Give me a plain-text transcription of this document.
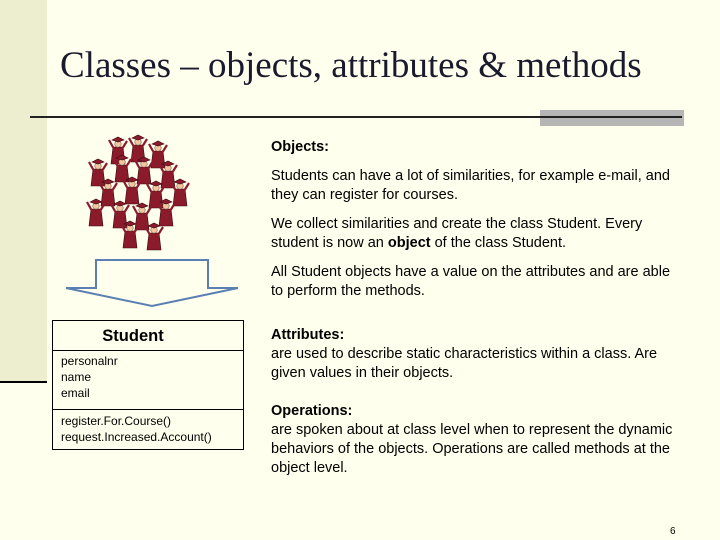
Classes – objects, attributes & methods
Student
personalnr
name
email
register.For.Course()
request.Increased.Account()

Objects:

Students can have a lot of similarities, for example e-mail, and they can register for courses.

We collect similarities and create the class Student. Every student is now an object of the class Student.

All Student objects have a value on the attributes and are able to perform the methods.

Attributes:

are used to describe static characteristics within a class. Are given values in their objects.

Operations:

are spoken about at class level when to represent the dynamic behaviors of the objects. Operations are called methods at the object level.

6
